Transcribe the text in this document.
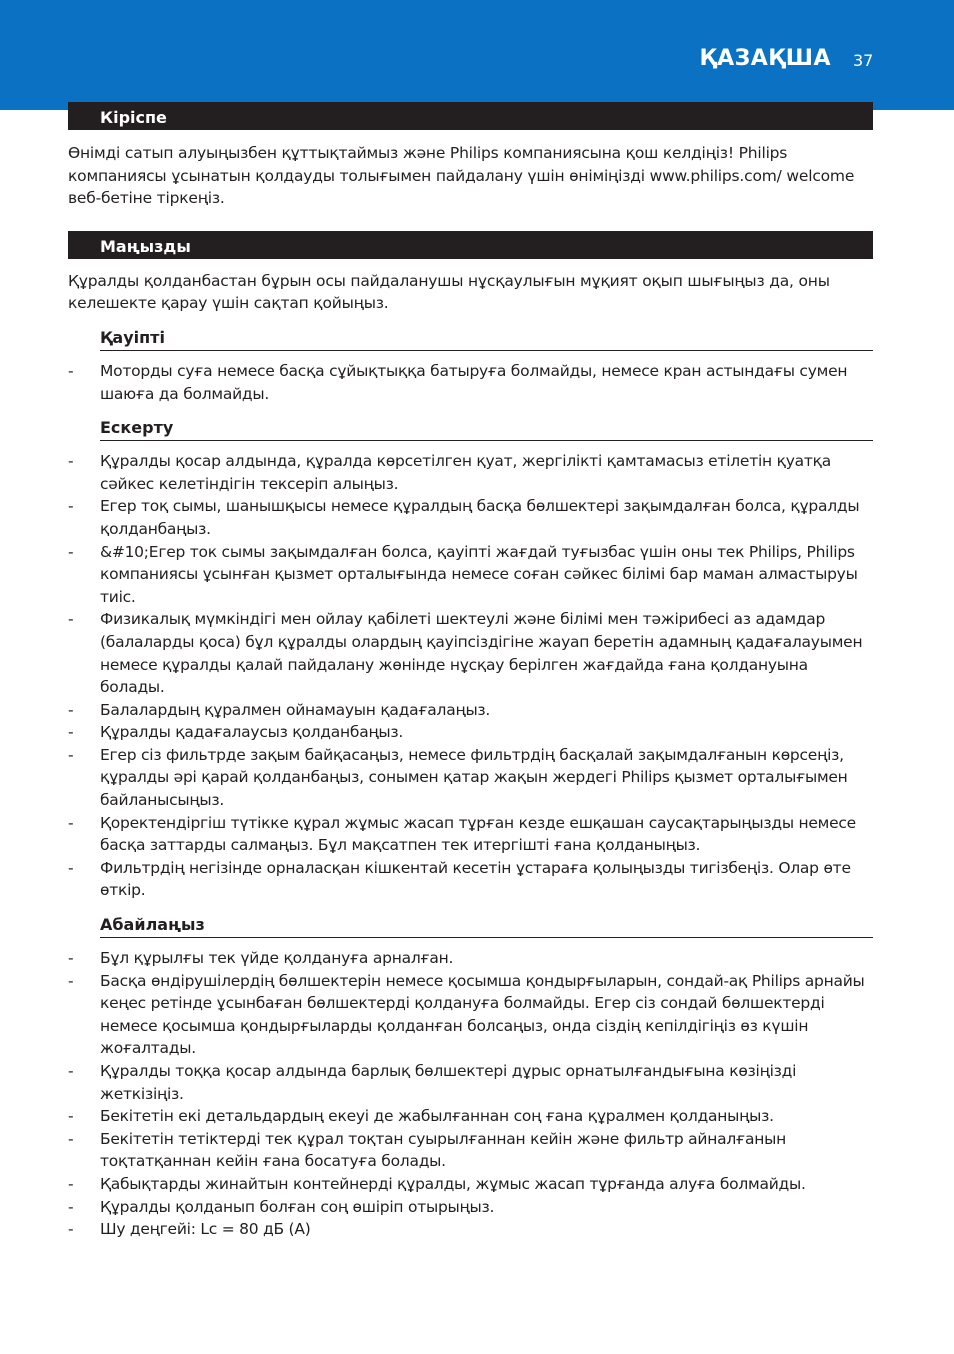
ҚАЗАҚША 37
Кіріспе

Өнімді сатып алуыңызбен құттықтаймыз және Philips компаниясына қош келдіңіз! Philips компаниясы ұсынатын қолдауды толығымен пайдалану үшін өніміңізді www.philips.com/ welcome веб-бетіне тіркеңіз.

Маңызды

Құралды қолданбастан бұрын осы пайдаланушы нұсқаулығын мұқият оқып шығыңыз да, оны келешекте қарау үшін сақтап қойыңыз.

Қауіпті
- Моторды суға немесе басқа сұйықтыққа батыруға болмайды, немесе кран астындағы сумен шаюға да болмайды.
Ескерту
- Құралды қосар алдында, құралда көрсетілген қуат, жергілікті қамтамасыз етілетін қуатқа сәйкес келетіндігін тексеріп алыңыз.
- Егер тоқ сымы, шанышқысы немесе құралдың басқа бөлшектері зақымдалған болса, құралды қолданбаңыз.
- &#10;Егер ток сымы зақымдалған болса, қауіпті жағдай туғызбас үшін оны тек Philips, Philips компаниясы ұсынған қызмет орталығында немесе соған сәйкес білімі бар маман алмастыруы тиіс.
- Физикалық мүмкіндігі мен ойлау қабілеті шектеулі және білімі мен тәжірибесі аз адамдар (балаларды қоса) бұл құралды олардың қауіпсіздігіне жауап беретін адамның қадағалауымен немесе құралды қалай пайдалану жөнінде нұсқау берілген жағдайда ғана қолдануына болады.
- Балалардың құралмен ойнамауын қадағалаңыз.
- Құралды қадағалаусыз қолданбаңыз.
- Егер сіз фильтрде зақым байқасаңыз, немесе фильтрдің басқалай зақымдалғанын көрсеңіз, құралды әрі қарай қолданбаңыз, сонымен қатар жақын жердегі Philips қызмет орталығымен байланысыңыз.
- Қоректендіргіш түтікке құрал жұмыс жасап тұрған кезде ешқашан саусақтарыңызды немесе басқа заттарды салмаңыз. Бұл мақсатпен тек итергішті ғана қолданыңыз.
- Фильтрдің негізінде орналасқан кішкентай кесетін ұстараға қолыңызды тигізбеңіз. Олар өте өткір.
Абайлаңыз
- Бұл құрылғы тек үйде қолдануға арналған.
- Басқа өндірушілердің бөлшектерін немесе қосымша қондырғыларын, сондай-ақ Philips арнайы кеңес ретінде ұсынбаған бөлшектерді қолдануға болмайды. Егер сіз сондай бөлшектерді немесе қосымша қондырғыларды қолданған болсаңыз, онда сіздің кепілдігіңіз өз күшін жоғалтады.
- Құралды тоққа қосар алдында барлық бөлшектері дұрыс орнатылғандығына көзіңізді жеткізіңіз.
- Бекітетін екі детальдардың екеуі де жабылғаннан соң ғана құралмен қолданыңыз.
- Бекітетін тетіктерді тек құрал тоқтан суырылғаннан кейін және фильтр айналғанын тоқтатқаннан кейін ғана босатуға болады.
- Қабықтарды жинайтын контейнерді құралды, жұмыс жасап тұрғанда алуға болмайды.
- Құралды қолданып болған соң өшіріп отырыңыз.
- Шу деңгейі: Lc = 80 дБ (A)
